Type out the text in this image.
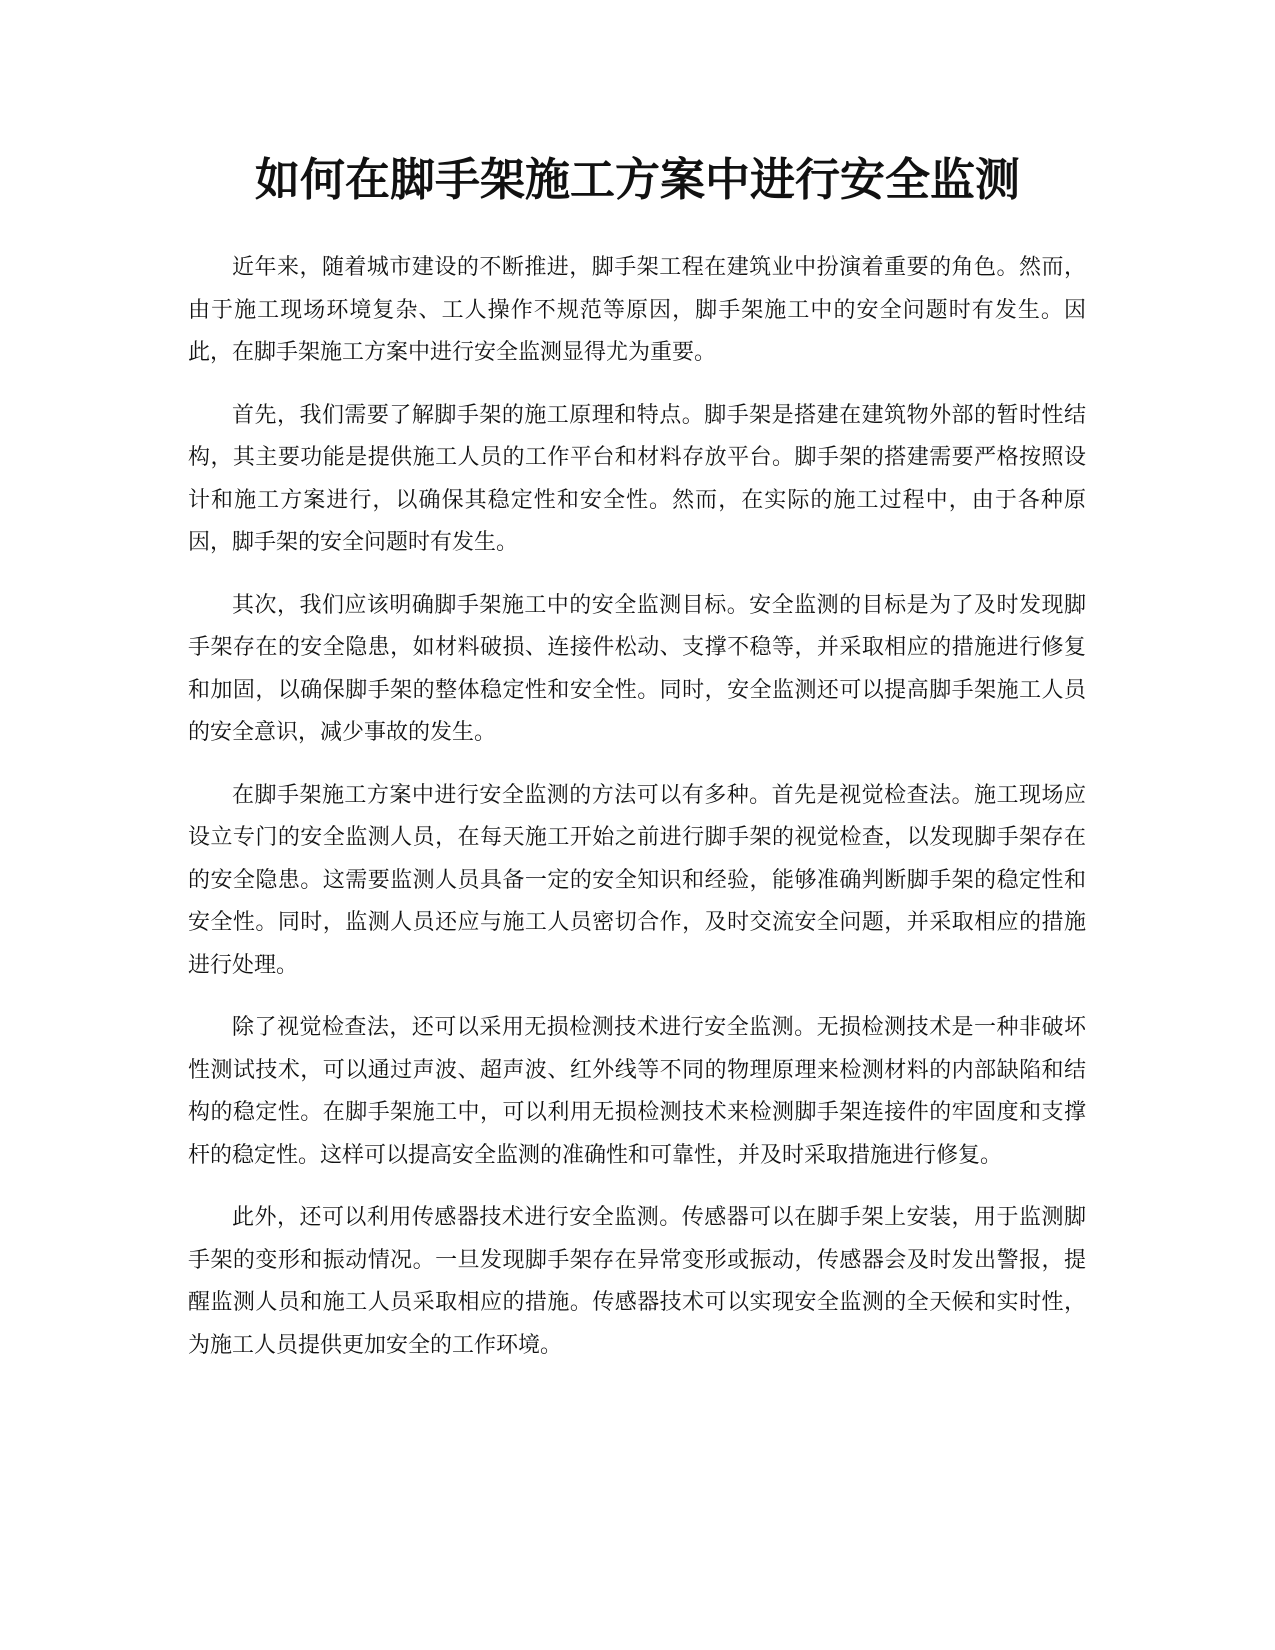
如何在脚手架施工方案中进行安全监测

近年来，随着城市建设的不断推进，脚手架工程在建筑业中扮演着重要的角色。然而，由于施工现场环境复杂、工人操作不规范等原因，脚手架施工中的安全问题时有发生。因此，在脚手架施工方案中进行安全监测显得尤为重要。

首先，我们需要了解脚手架的施工原理和特点。脚手架是搭建在建筑物外部的暂时性结构，其主要功能是提供施工人员的工作平台和材料存放平台。脚手架的搭建需要严格按照设计和施工方案进行，以确保其稳定性和安全性。然而，在实际的施工过程中，由于各种原因，脚手架的安全问题时有发生。

其次，我们应该明确脚手架施工中的安全监测目标。安全监测的目标是为了及时发现脚手架存在的安全隐患，如材料破损、连接件松动、支撑不稳等，并采取相应的措施进行修复和加固，以确保脚手架的整体稳定性和安全性。同时，安全监测还可以提高脚手架施工人员的安全意识，减少事故的发生。

在脚手架施工方案中进行安全监测的方法可以有多种。首先是视觉检查法。施工现场应设立专门的安全监测人员，在每天施工开始之前进行脚手架的视觉检查，以发现脚手架存在的安全隐患。这需要监测人员具备一定的安全知识和经验，能够准确判断脚手架的稳定性和安全性。同时，监测人员还应与施工人员密切合作，及时交流安全问题，并采取相应的措施进行处理。

除了视觉检查法，还可以采用无损检测技术进行安全监测。无损检测技术是一种非破坏性测试技术，可以通过声波、超声波、红外线等不同的物理原理来检测材料的内部缺陷和结构的稳定性。在脚手架施工中，可以利用无损检测技术来检测脚手架连接件的牢固度和支撑杆的稳定性。这样可以提高安全监测的准确性和可靠性，并及时采取措施进行修复。

此外，还可以利用传感器技术进行安全监测。传感器可以在脚手架上安装，用于监测脚手架的变形和振动情况。一旦发现脚手架存在异常变形或振动，传感器会及时发出警报，提醒监测人员和施工人员采取相应的措施。传感器技术可以实现安全监测的全天候和实时性，为施工人员提供更加安全的工作环境。
